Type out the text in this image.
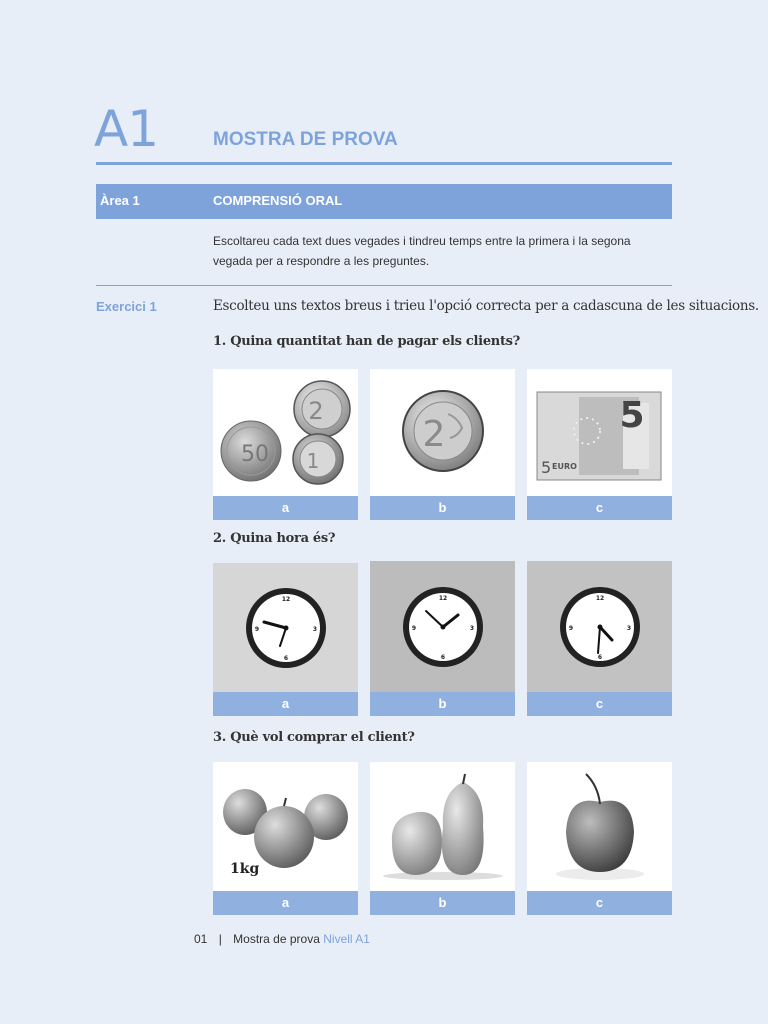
A1	MOSTRA DE PROVA
Àrea 1	COMPRENSIÓ ORAL
Escoltareu cada text dues vegades i tindreu temps entre la primera i la segona vegada per a respondre a les preguntes.
Exercici 1	Escolteu uns textos breus i trieu l'opció correcta per a cadascuna de les situacions.
1. Quina quantitat han de pagar els clients?
50
2
1
a
2
b
5
5 EURO
c
2. Quina hora és?
12
3
6
9
a
12
3
6
9
b
12
3
6
9
c
3. Què vol comprar el client?
1kg
a	b	c
01 | Mostra de prova Nivell A1
